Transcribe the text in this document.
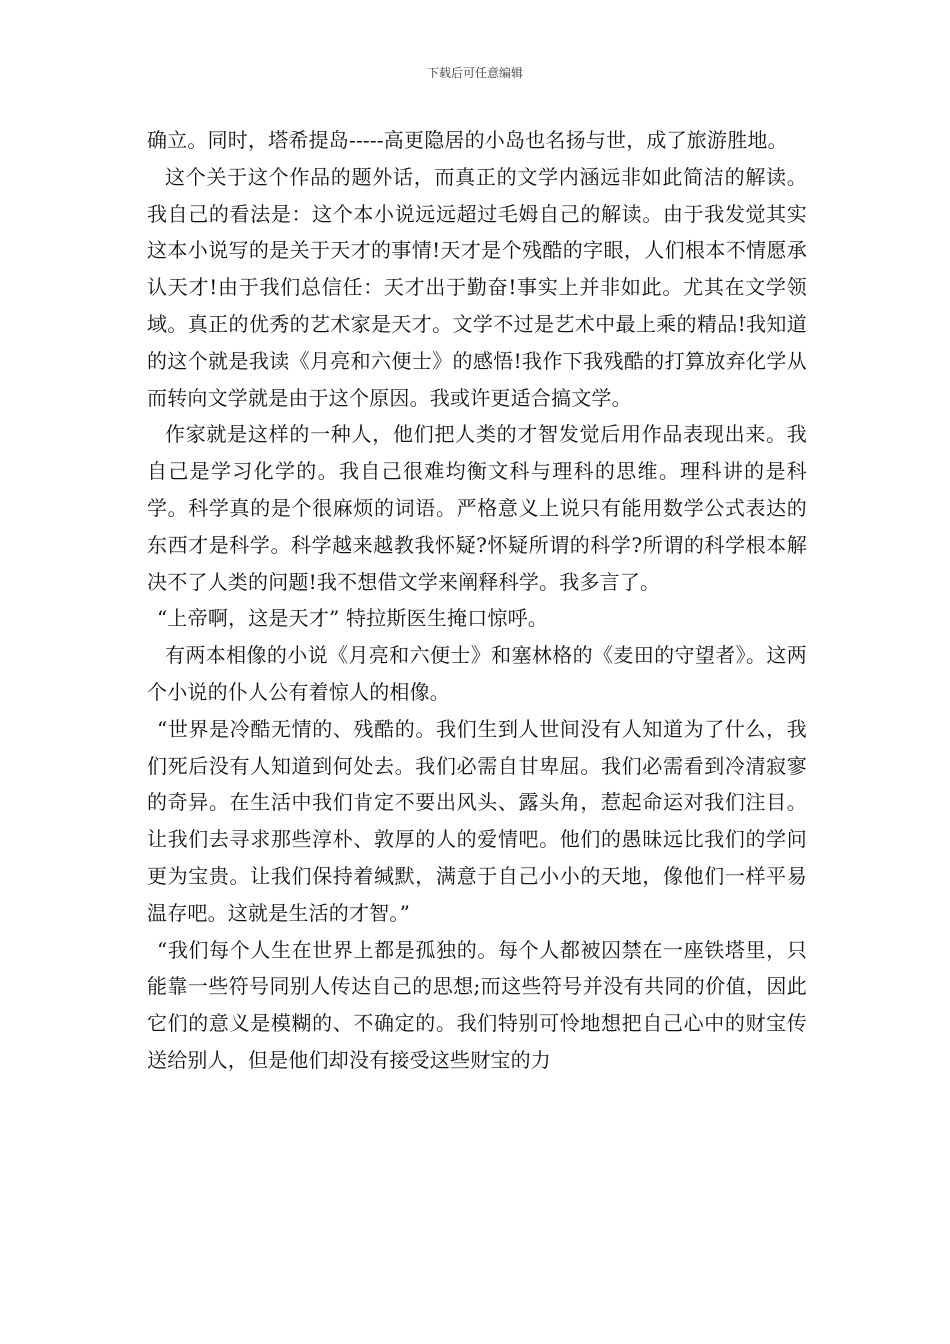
下载后可任意编辑

确立。同时，塔希提岛-----高更隐居的小岛也名扬与世，成了旅游胜地。

这个关于这个作品的题外话，而真正的文学内涵远非如此简洁的解读。我自己的看法是：这个本小说远远超过毛姆自己的解读。由于我发觉其实这本小说写的是关于天才的事情!天才是个残酷的字眼，人们根本不情愿承认天才!由于我们总信任：天才出于勤奋!事实上并非如此。尤其在文学领域。真正的优秀的艺术家是天才。文学不过是艺术中最上乘的精品!我知道的这个就是我读《月亮和六便士》的感悟!我作下我残酷的打算放弃化学从而转向文学就是由于这个原因。我或许更适合搞文学。

作家就是这样的一种人，他们把人类的才智发觉后用作品表现出来。我自己是学习化学的。我自己很难均衡文科与理科的思维。理科讲的是科学。科学真的是个很麻烦的词语。严格意义上说只有能用数学公式表达的东西才是科学。科学越来越教我怀疑?怀疑所谓的科学?所谓的科学根本解决不了人类的问题!我不想借文学来阐释科学。我多言了。

“上帝啊，这是天才” 特拉斯医生掩口惊呼。

有两本相像的小说《月亮和六便士》和塞林格的《麦田的守望者》。这两个小说的仆人公有着惊人的相像。

“世界是冷酷无情的、残酷的。我们生到人世间没有人知道为了什么，我们死后没有人知道到何处去。我们必需自甘卑屈。我们必需看到冷清寂寥的奇异。在生活中我们肯定不要出风头、露头角，惹起命运对我们注目。让我们去寻求那些淳朴、敦厚的人的爱情吧。他们的愚昧远比我们的学问更为宝贵。让我们保持着缄默，满意于自己小小的天地，像他们一样平易温存吧。这就是生活的才智。”

“我们每个人生在世界上都是孤独的。每个人都被囚禁在一座铁塔里，只能靠一些符号同别人传达自己的思想;而这些符号并没有共同的价值，因此它们的意义是模糊的、不确定的。我们特别可怜地想把自己心中的财宝传送给别人，但是他们却没有接受这些财宝的力
